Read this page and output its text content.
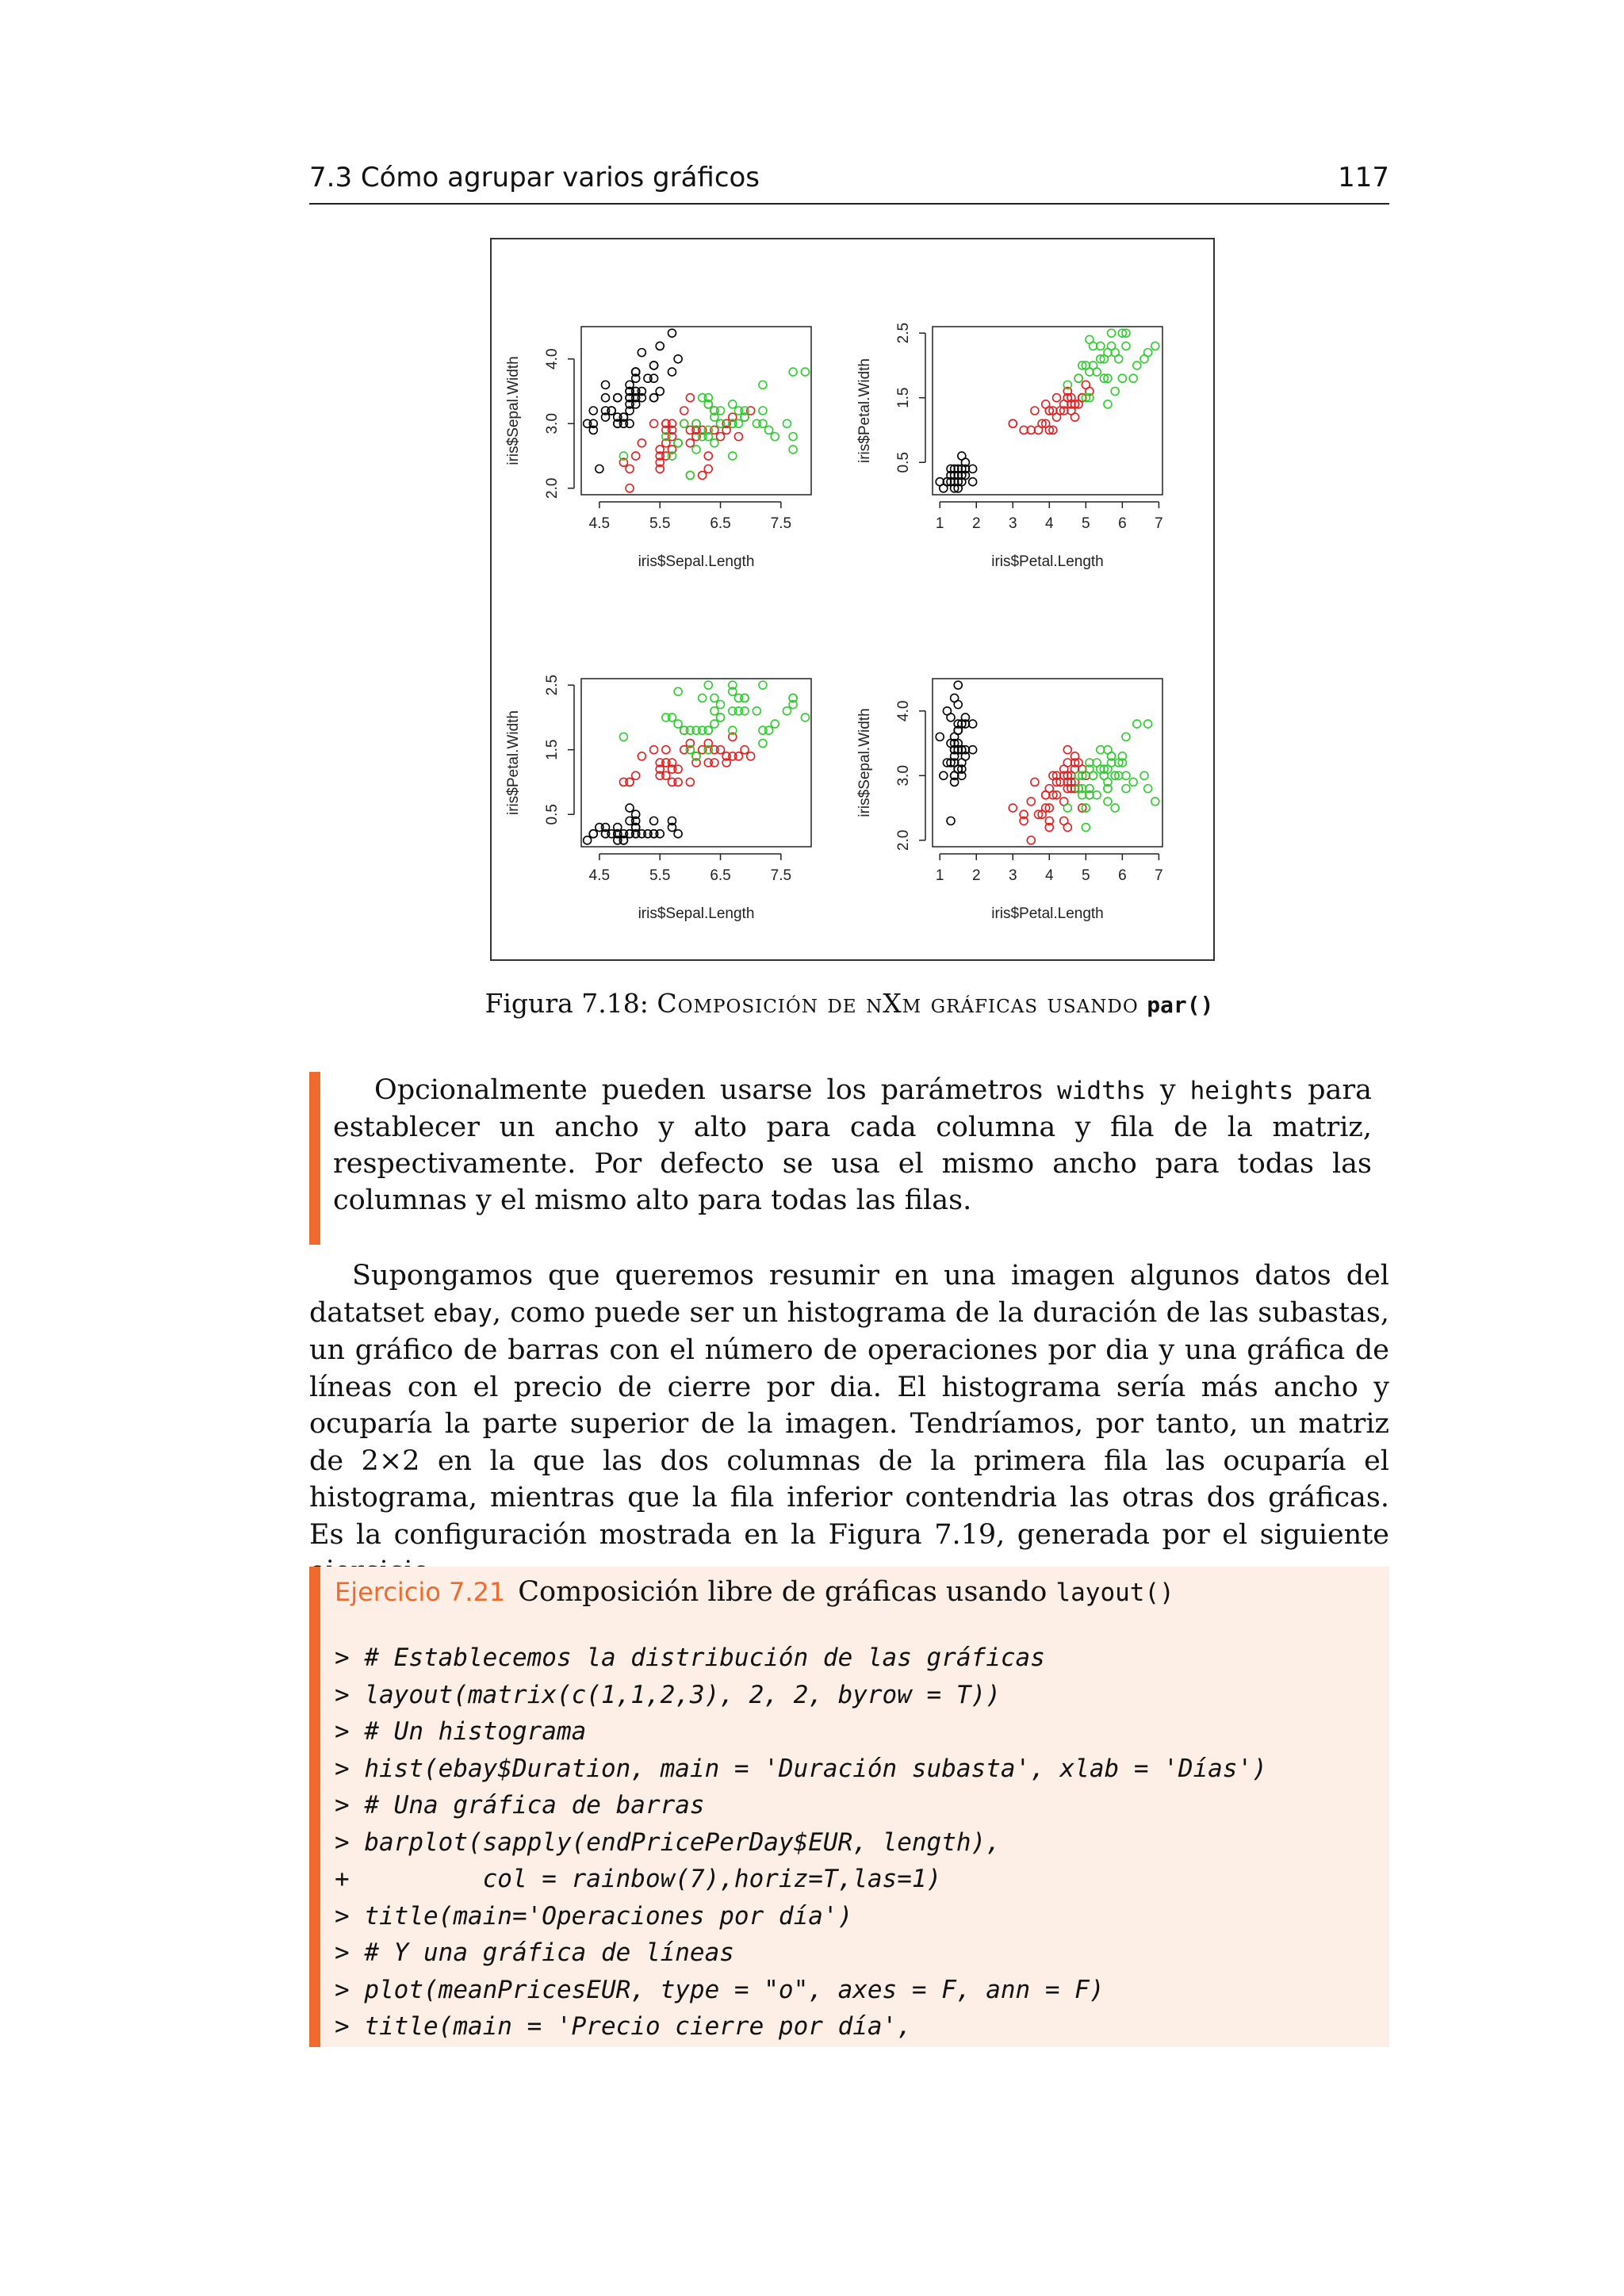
7.3 Cómo agrupar varios gráficos	117
4.5	5.5	6.5	7.5
iris$Sepal.Length
2.0
3.0
4.0
iris$Sepal.Width
1 2 3 4 5 6 7
iris$Petal.Length
0.5
1.5
2.5
iris$Petal.Width
4.5	5.5	6.5	7.5
iris$Sepal.Length
0.5
1.5
2.5
iris$Petal.Width
1 2 3 4 5 6 7
iris$Petal.Length
2.0
3.0
4.0
iris$Sepal.Width
Figura 7.18: Composición de nXm gráficas usando par()
Opcionalmente pueden usarse los parámetros widths y heights para establecer un ancho y alto para cada columna y fila de la matriz, respectivamente. Por defecto se usa el mismo ancho para todas las columnas y el mismo alto para todas las filas.
Supongamos que queremos resumir en una imagen algunos datos del datatset ebay, como puede ser un histograma de la duración de las subastas, un gráfico de barras con el número de operaciones por dia y una gráfica de líneas con el precio de cierre por dia. El histograma sería más ancho y ocuparía la parte superior de la imagen. Tendríamos, por tanto, un matriz de 2×2 en la que las dos columnas de la primera fila las ocuparía el histograma, mientras que la fila inferior contendria las otras dos gráficas. Es la configuración mostrada en la Figura 7.19, generada por el siguiente
Ejercicio 7.21 Composición libre de gráficas usando layout()
> # Establecemos la distribución de las gráficas
> layout(matrix(c(1,1,2,3), 2, 2, byrow = T))
> # Un histograma
> hist(ebay$Duration, main = 'Duración subasta', xlab = 'Días')
> # Una gráfica de barras
> barplot(sapply(endPricePerDay$EUR, length),
+         col = rainbow(7),horiz=T,las=1)
> title(main='Operaciones por día')
> # Y una gráfica de líneas
> plot(meanPricesEUR, type = "o", axes = F, ann = F)
> title(main = 'Precio cierre por día',
